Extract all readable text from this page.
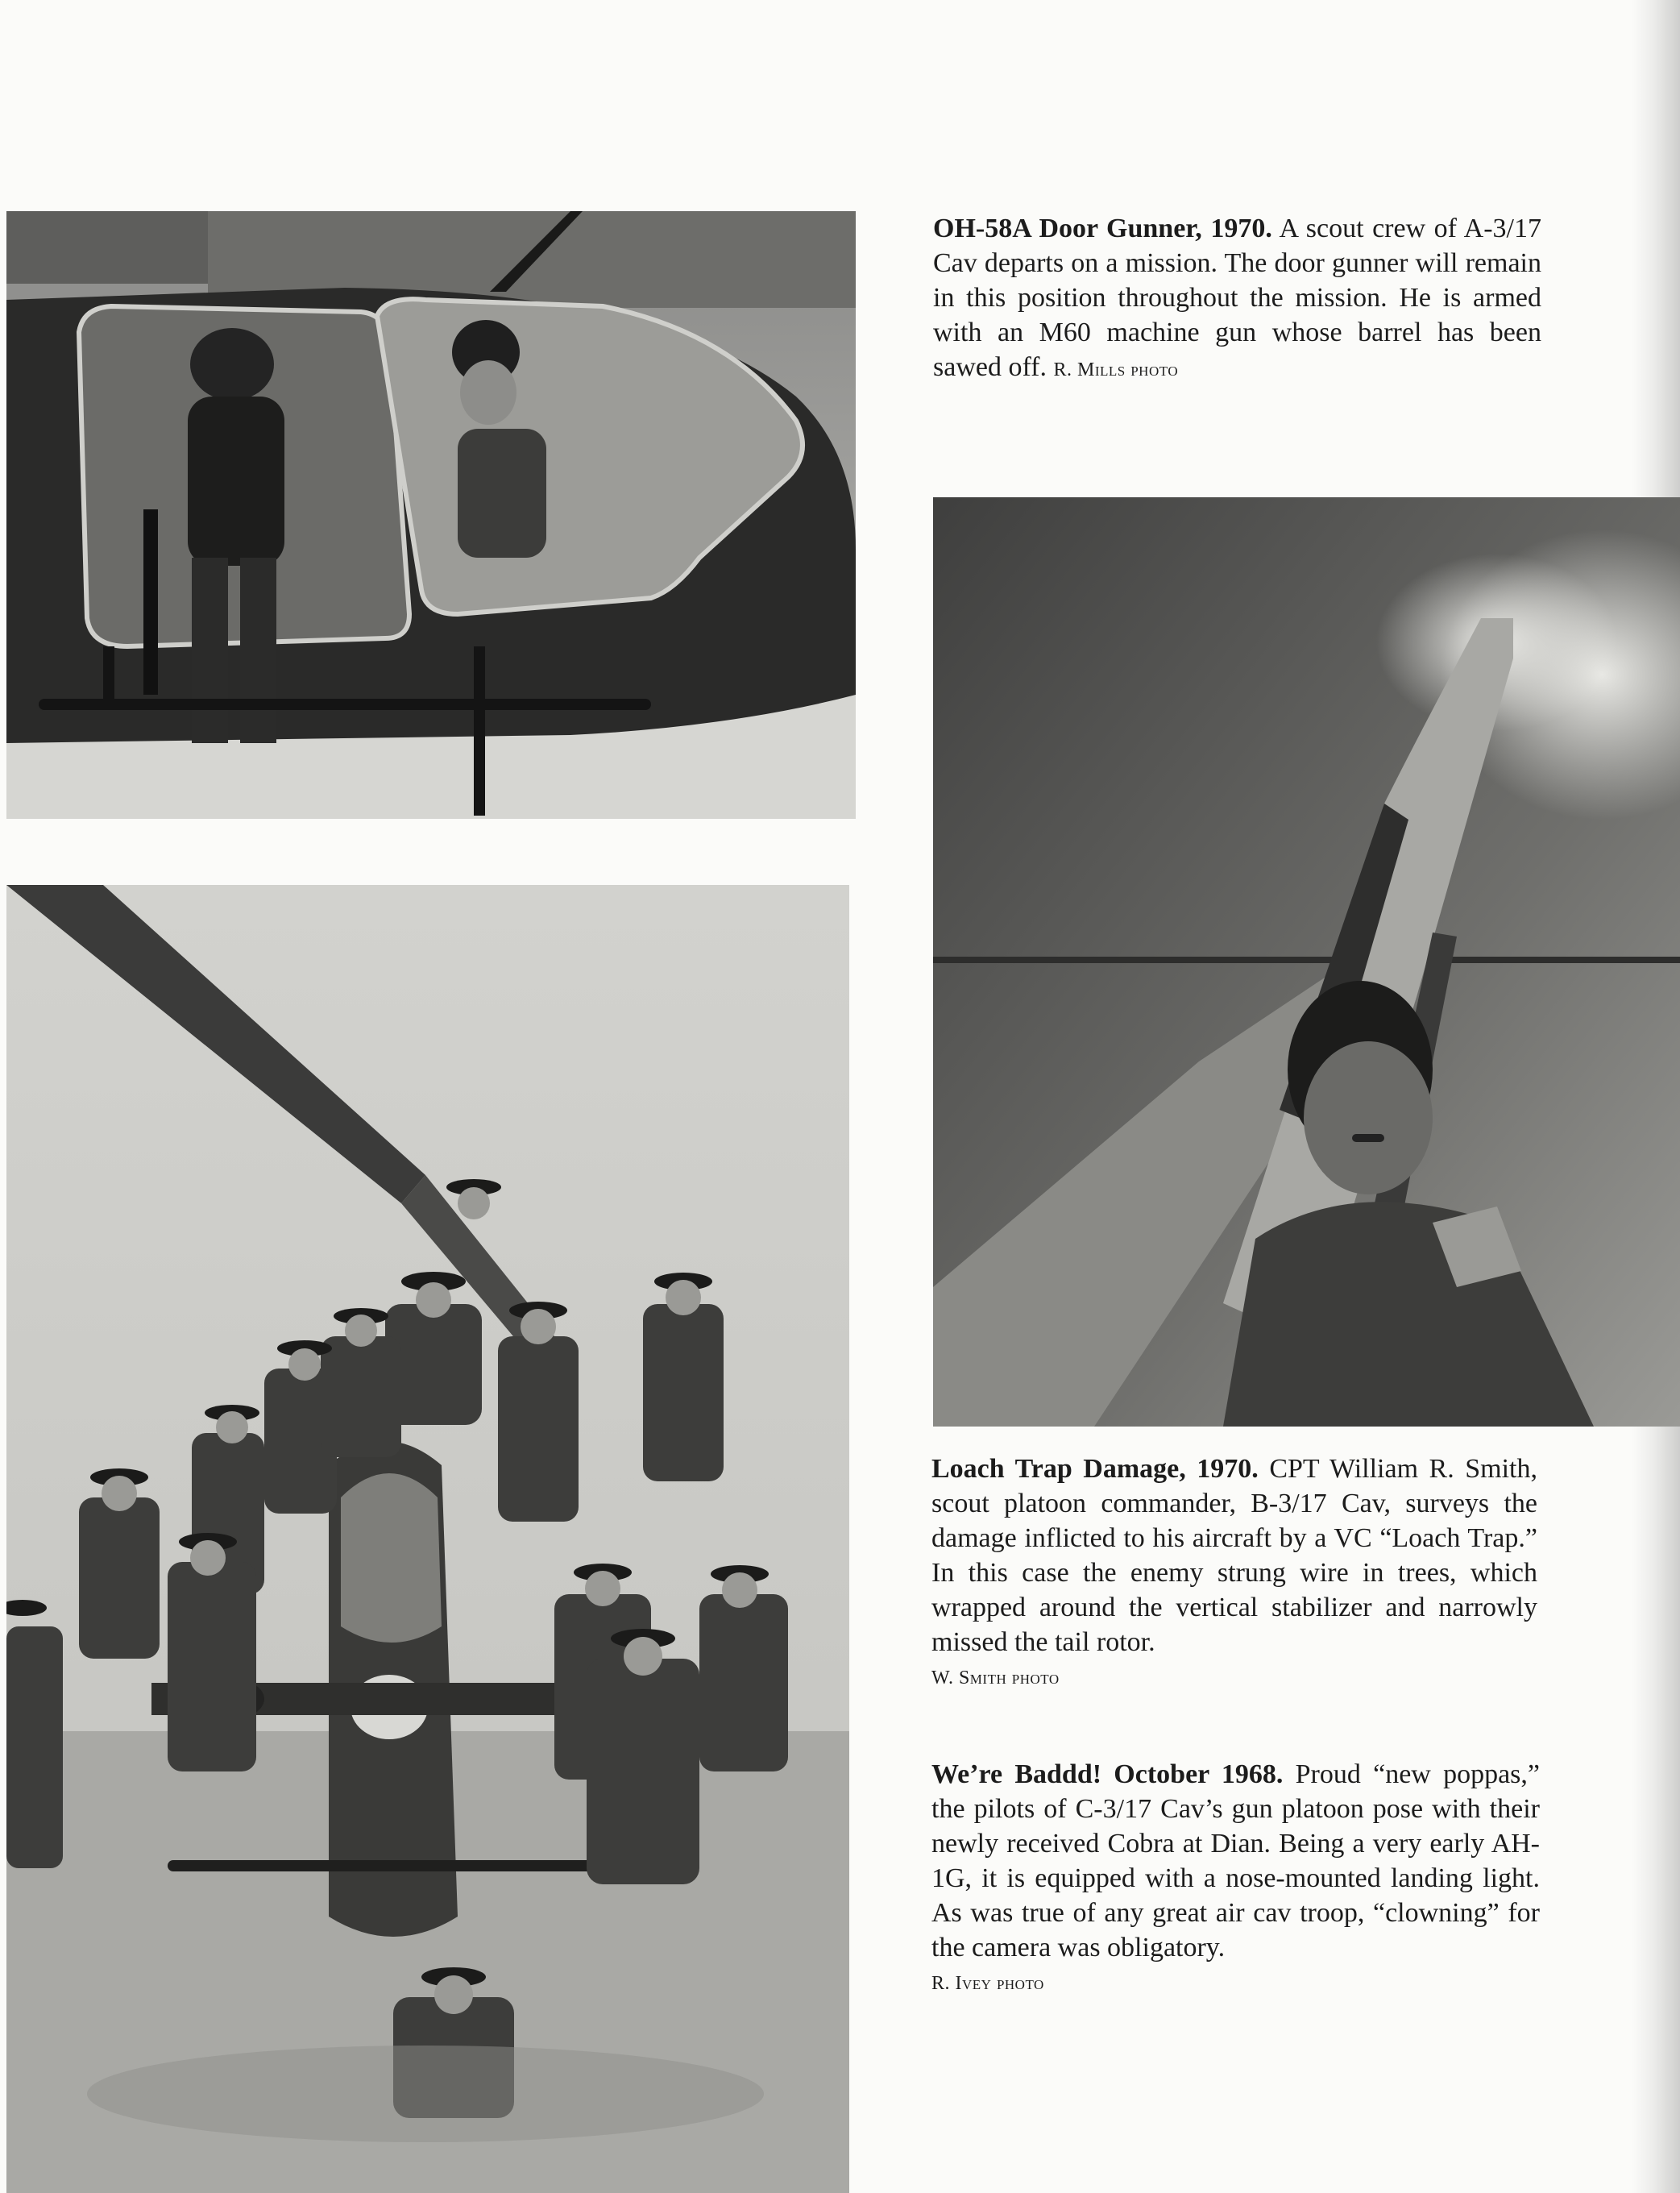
OH-58A Door Gunner, 1970. A scout crew of A-3/17 Cav departs on a mission. The door gunner will remain in this position throughout the mission. He is armed with an M60 machine gun whose barrel has been sawed off. R. Mills photo
Loach Trap Damage, 1970. CPT William R. Smith, scout platoon commander, B-3/17 Cav, surveys the damage inflicted to his aircraft by a VC “Loach Trap.” In this case the enemy strung wire in trees, which wrapped around the vertical stabilizer and narrowly missed the tail rotor.
W. Smith photo
We’re Baddd! October 1968. Proud “new poppas,” the pilots of C-3/17 Cav’s gun platoon pose with their newly received Cobra at Dian. Being a very early AH-1G, it is equipped with a nose-mounted landing light. As was true of any great air cav troop, “clowning” for the camera was obligatory.
R. Ivey photo
